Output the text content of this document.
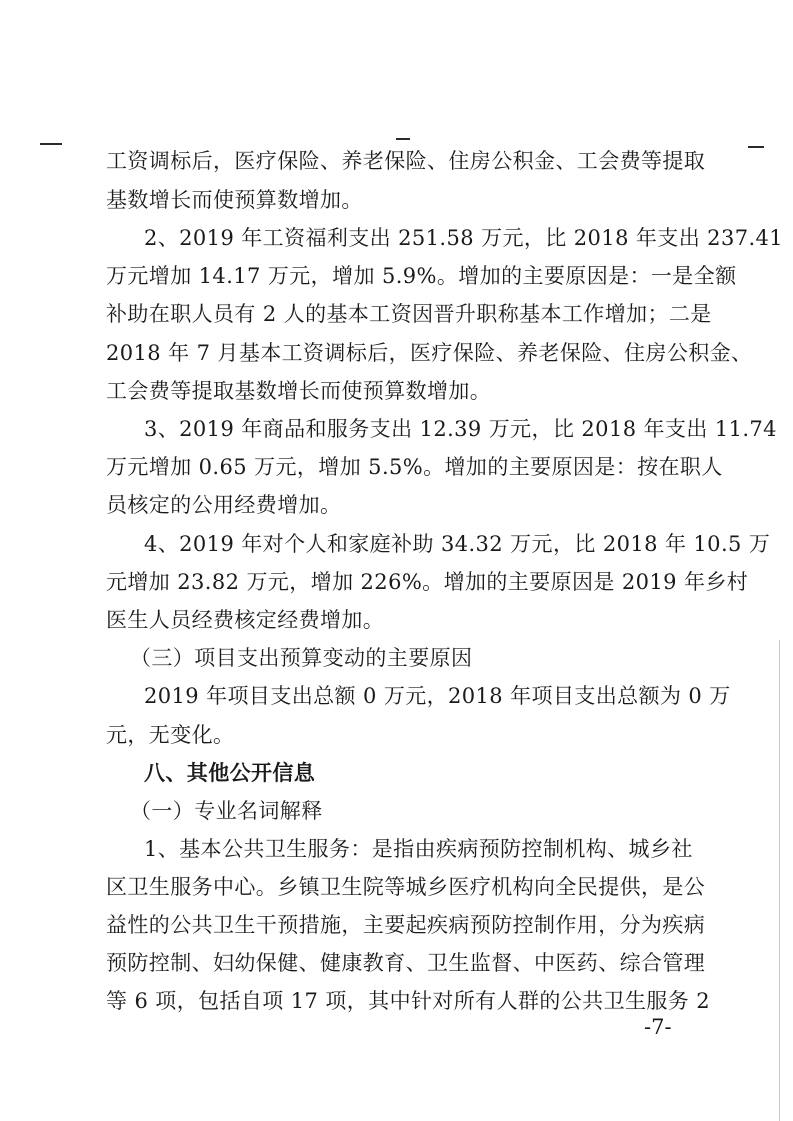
工资调标后，医疗保险、养老保险、住房公积金、工会费等提取
基数增长而使预算数增加。
2、2019 年工资福利支出 251.58 万元，比 2018 年支出 237.41
万元增加 14.17 万元，增加 5.9%。增加的主要原因是：一是全额
补助在职人员有 2 人的基本工资因晋升职称基本工作增加；二是
2018 年 7 月基本工资调标后，医疗保险、养老保险、住房公积金、
工会费等提取基数增长而使预算数增加。
3、2019 年商品和服务支出 12.39 万元，比 2018 年支出 11.74
万元增加 0.65 万元，增加 5.5%。增加的主要原因是：按在职人
员核定的公用经费增加。
4、2019 年对个人和家庭补助 34.32 万元，比 2018 年 10.5 万
元增加 23.82 万元，增加 226%。增加的主要原因是 2019 年乡村
医生人员经费核定经费增加。
（三）项目支出预算变动的主要原因
2019 年项目支出总额 0 万元，2018 年项目支出总额为 0 万
元，无变化。
八、其他公开信息
（一）专业名词解释
1、基本公共卫生服务：是指由疾病预防控制机构、城乡社
区卫生服务中心。乡镇卫生院等城乡医疗机构向全民提供，是公
益性的公共卫生干预措施，主要起疾病预防控制作用，分为疾病
预防控制、妇幼保健、健康教育、卫生监督、中医药、综合管理
等 6 项，包括自项 17 项，其中针对所有人群的公共卫生服务 2
-7-
